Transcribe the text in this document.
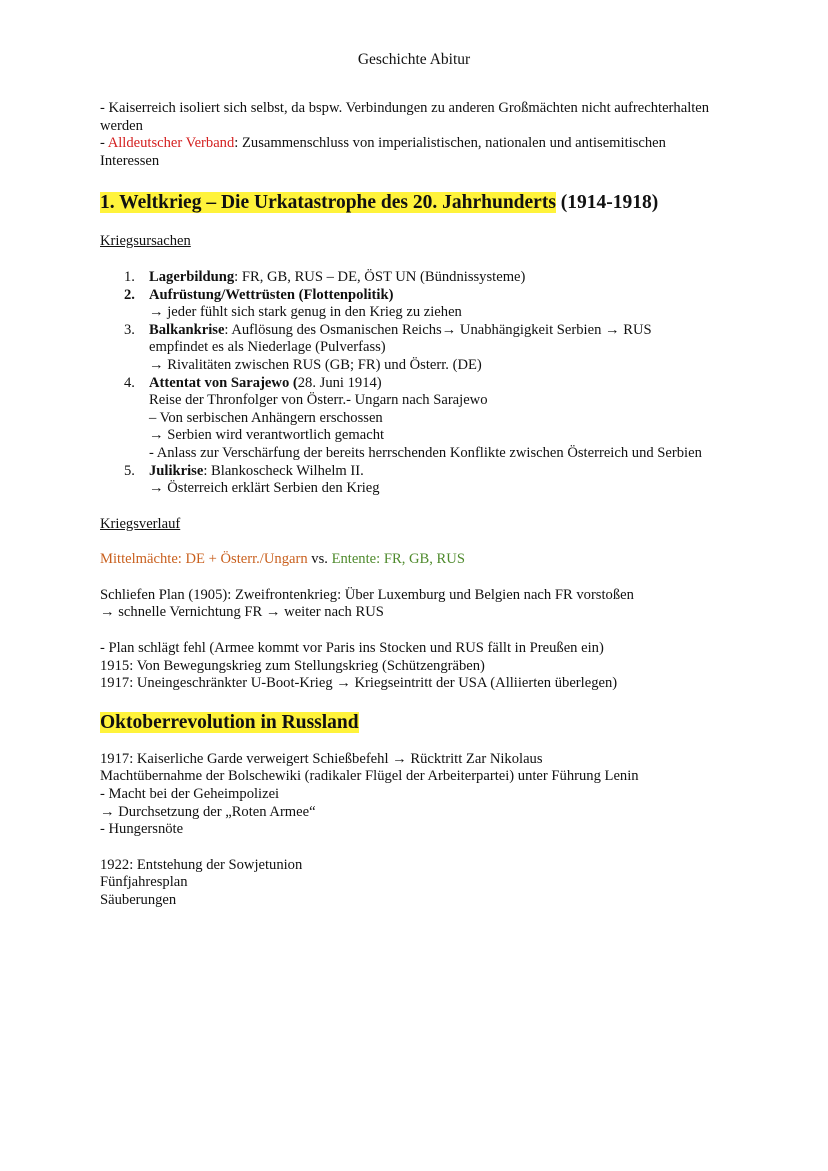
Geschichte Abitur

- Kaiserreich isoliert sich selbst, da bspw. Verbindungen zu anderen Großmächten nicht aufrechterhalten werden

- Alldeutscher Verband: Zusammenschluss von imperialistischen, nationalen und antisemitischen Interessen

1. Weltkrieg – Die Urkatastrophe des 20. Jahrhunderts (1914-1918)

Kriegsursachen

1. Lagerbildung: FR, GB, RUS – DE, ÖST UN (Bündnissysteme)
2. Aufrüstung/Wettrüsten (Flottenpolitik)
→ jeder fühlt sich stark genug in den Krieg zu ziehen
3. Balkankrise: Auflösung des Osmanischen Reichs→ Unabhängigkeit Serbien → RUS empfindet es als Niederlage (Pulverfass)
→ Rivalitäten zwischen RUS (GB; FR) und Österr. (DE)
4. Attentat von Sarajewo (28. Juni 1914)
Reise der Thronfolger von Österr.- Ungarn nach Sarajewo
– Von serbischen Anhängern erschossen
→ Serbien wird verantwortlich gemacht
- Anlass zur Verschärfung der bereits herrschenden Konflikte zwischen Österreich und Serbien
5. Julikrise: Blankoscheck Wilhelm II.
→ Österreich erklärt Serbien den Krieg

Kriegsverlauf

Mittelmächte: DE + Österr./Ungarn vs. Entente: FR, GB, RUS

Schliefen Plan (1905): Zweifrontenkrieg: Über Luxemburg und Belgien nach FR vorstoßen

→ schnelle Vernichtung FR → weiter nach RUS

- Plan schlägt fehl (Armee kommt vor Paris ins Stocken und RUS fällt in Preußen ein)

1915: Von Bewegungskrieg zum Stellungskrieg (Schützengräben)

1917: Uneingeschränkter U-Boot-Krieg → Kriegseintritt der USA (Alliierten überlegen)

Oktoberrevolution in Russland

1917: Kaiserliche Garde verweigert Schießbefehl → Rücktritt Zar Nikolaus

Machtübernahme der Bolschewiki (radikaler Flügel der Arbeiterpartei) unter Führung Lenin

- Macht bei der Geheimpolizei

→ Durchsetzung der „Roten Armee“

- Hungersnöte

1922: Entstehung der Sowjetunion

Fünfjahresplan

Säuberungen
